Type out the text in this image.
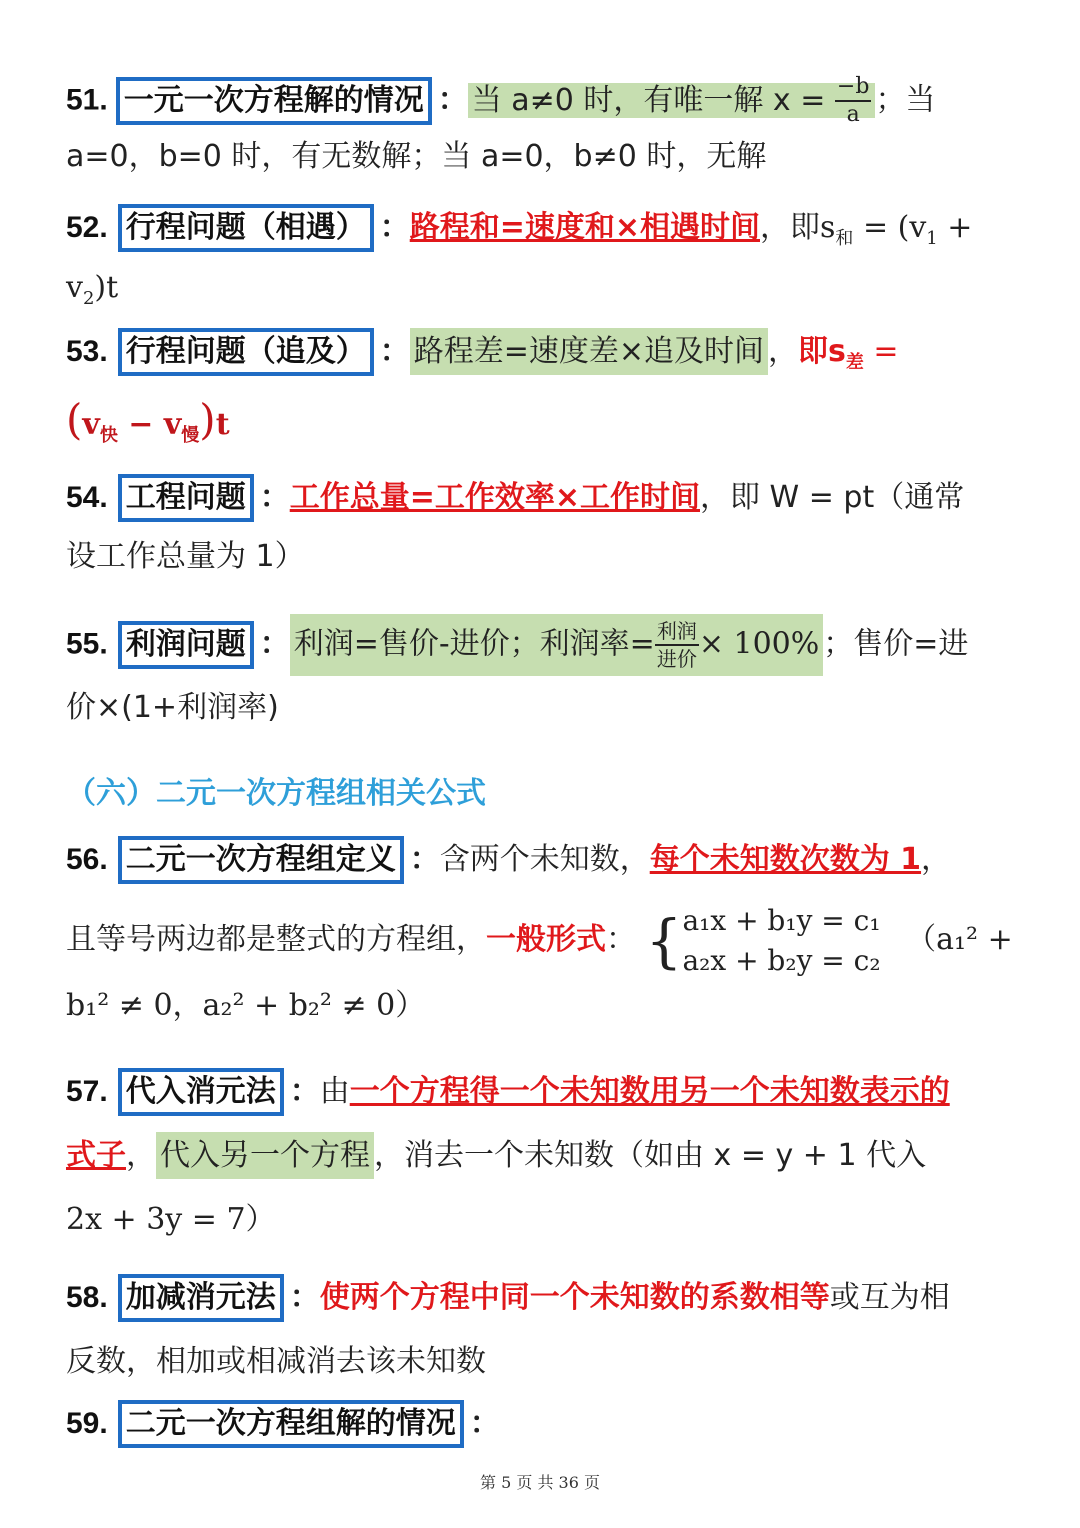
51. 一元一次方程解的情况 ： 当 a≠0 时，有唯一解 $x = \frac{-b}{a}$ ；当
a=0，b=0 时，有无数解；当 a=0，b≠0 时，无解
52. 行程问题（相遇） ：路程和=速度和×相遇时间，即$s_和 = (v_1$ +
$v_2)t$
53. 行程问题（追及） ： 路程差=速度差×追及时间 ，即$s_差$ =
$(v_快 - v_慢)t$
54. 工程问题 ：工作总量=工作效率×工作时间，即 W = pt（通常
设工作总量为 1）
55. 利润问题 ： 利润=售价-进价；利润率= $\frac{\text{利润}}{\text{进价}} \times 100\%$ ；售价=进
价×(1+利润率)
（六）二元一次方程组相关公式
56. 二元一次方程组定义 ：含两个未知数，每个未知数次数为 1，
且等号两边都是整式的方程组，一般形式： { a₁x + b₁y = c₁
a₂x + b₂y = c₂
（a₁² +
b₁² ≠ 0，a₂² + b₂² ≠ 0）
57. 代入消元法 ：由一个方程得一个未知数用另一个未知数表示的
式子， 代入另一个方程 ，消去一个未知数（如由 x = y + 1 代入
2x + 3y = 7）
58. 加减消元法 ：使两个方程中同一个未知数的系数相等或互为相
反数，相加或相减消去该未知数
59. 二元一次方程组解的情况 ：
第 5 页 共 36 页
